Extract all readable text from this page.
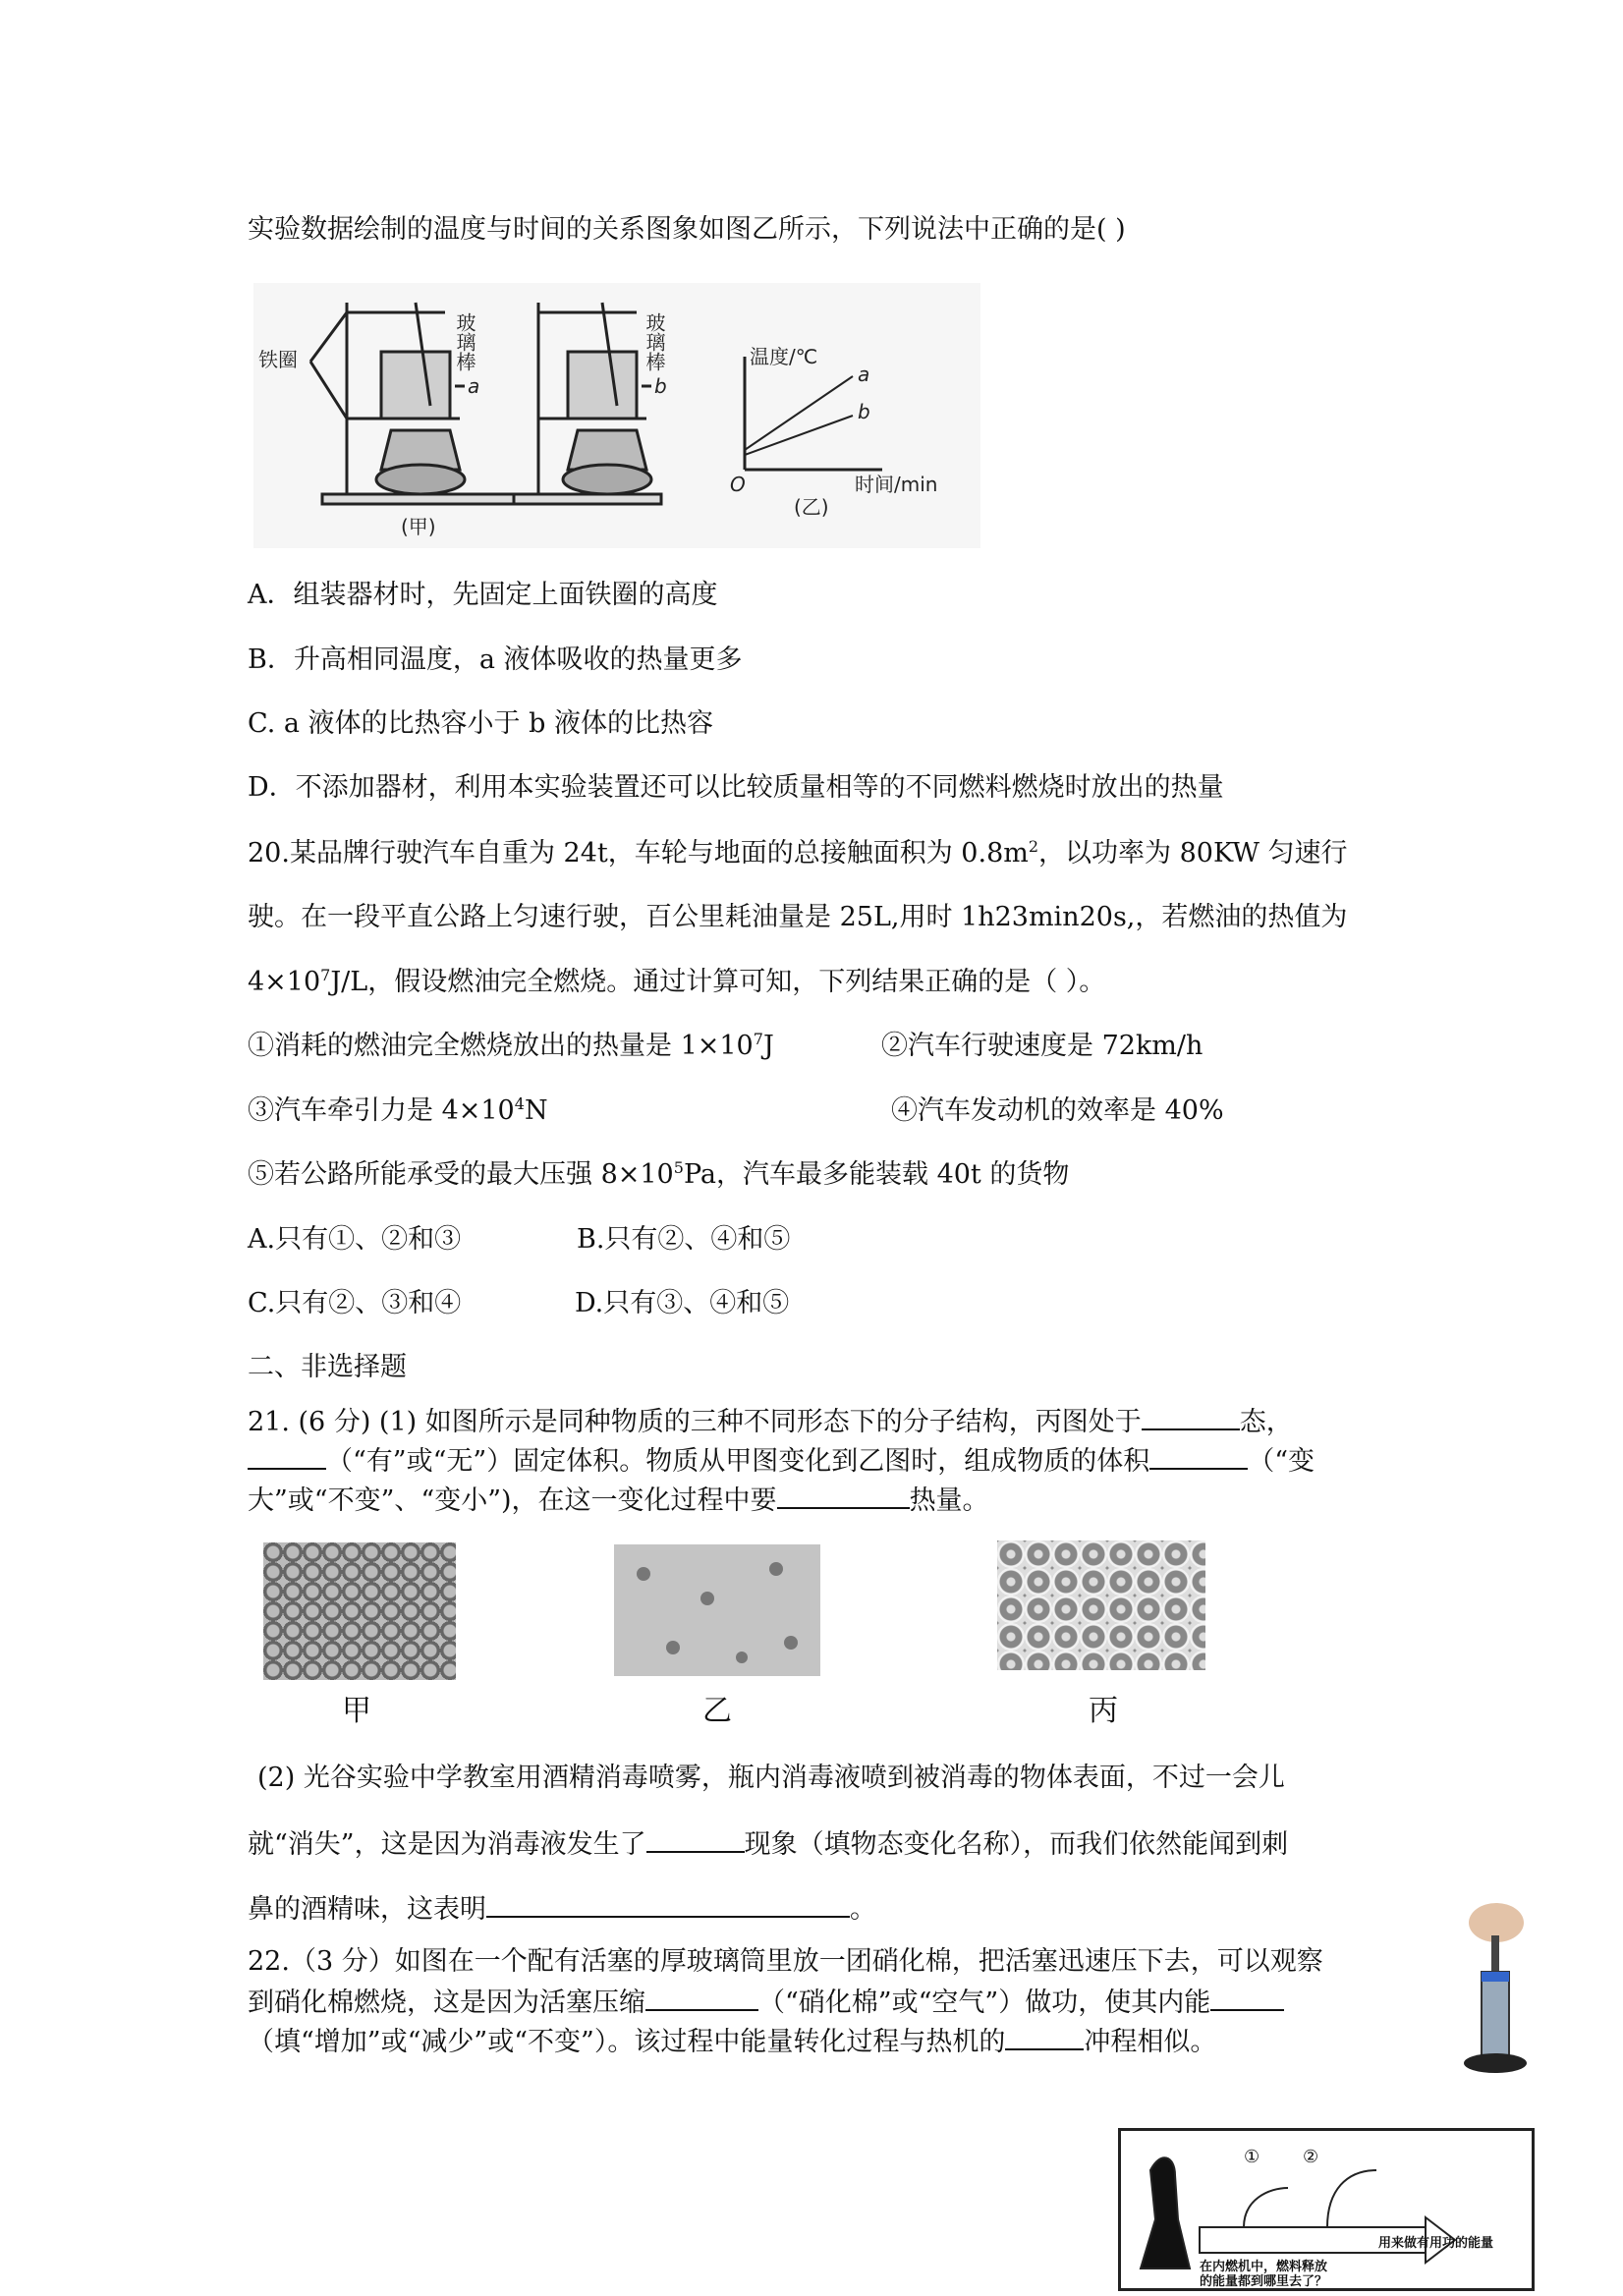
实验数据绘制的温度与时间的关系图象如图乙所示，下列说法中正确的是( )
玻璃棒	玻璃棒
铁圈
a	b
(甲)
(乙)
温度/℃
时间/min
O
a
b
A．组装器材时，先固定上面铁圈的高度
B．升高相同温度，a 液体吸收的热量更多
C. a 液体的比热容小于 b 液体的比热容
D．不添加器材，利用本实验装置还可以比较质量相等的不同燃料燃烧时放出的热量
20.某品牌行驶汽车自重为 24t，车轮与地面的总接触面积为 $0.8m^2$，以功率为 80KW 匀速行
驶。在一段平直公路上匀速行驶，百公里耗油量是 25L,用时 1h23min20s,，若燃油的热值为
$4\times 10^7J/L$，假设燃油完全燃烧。通过计算可知，下列结果正确的是（ ）。
①消耗的燃油完全燃烧放出的热量是 $1\times 10^7J$	②汽车行驶速度是 72km/h
③汽车牵引力是 $4\times 10^4N$	④汽车发动机的效率是 40%
⑤若公路所能承受的最大压强 $8\times 10^5Pa$，汽车最多能装载 40t 的货物
A.只有①、②和③	B.只有②、④和⑤
C.只有②、③和④	D.只有③、④和⑤
二、非选择题
21. (6 分) (1) 如图所示是同种物质的三种不同形态下的分子结构，丙图处于	态，
（“有”或“无”）固定体积。物质从甲图变化到乙图时，组成物质的体积	（“变
大”或“不变”、“变小”)，在这一变化过程中要	热量。
甲	乙	丙
(2) 光谷实验中学教室用酒精消毒喷雾，瓶内消毒液喷到被消毒的物体表面，不过一会儿
就“消失”，这是因为消毒液发生了	现象（填物态变化名称），而我们依然能闻到刺
鼻的酒精味，这表明	。
22.（3 分）如图在一个配有活塞的厚玻璃筒里放一团硝化棉，把活塞迅速压下去，可以观察
到硝化棉燃烧，这是因为活塞压缩	（“硝化棉”或“空气”）做功，使其内能
（填“增加”或“减少”或“不变”）。该过程中能量转化过程与热机的	冲程相似。
① ②
用来做有用功的能量
在内燃机中，燃料释放
的能量都到哪里去了？
